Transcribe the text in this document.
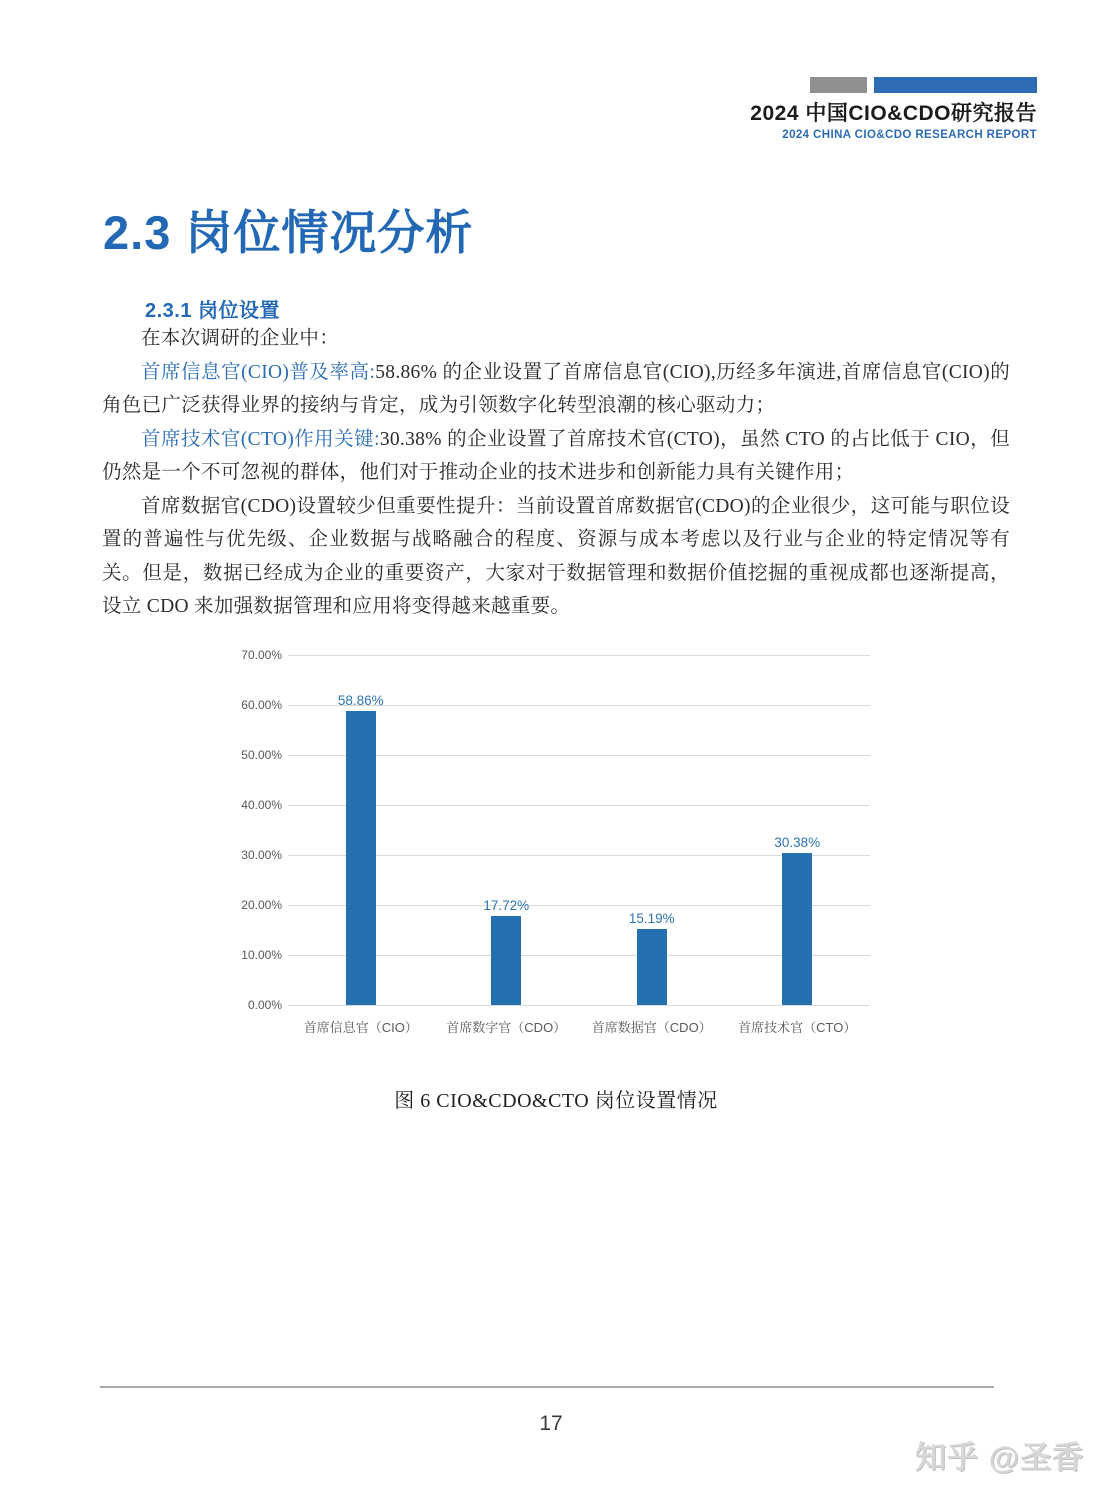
2024 中国CIO&CDO研究报告
2024 CHINA CIO&CDO RESEARCH REPORT
2.3 岗位情况分析
2.3.1 岗位设置

在本次调研的企业中：

首席信息官(CIO)普及率高:58.86% 的企业设置了首席信息官(CIO),历经多年演进,首席信息官(CIO)的角色已广泛获得业界的接纳与肯定，成为引领数字化转型浪潮的核心驱动力；

首席技术官(CTO)作用关键:30.38% 的企业设置了首席技术官(CTO)，虽然 CTO 的占比低于 CIO，但仍然是一个不可忽视的群体，他们对于推动企业的技术进步和创新能力具有关键作用；

首席数据官(CDO)设置较少但重要性提升：当前设置首席数据官(CDO)的企业很少，这可能与职位设置的普遍性与优先级、企业数据与战略融合的程度、资源与成本考虑以及行业与企业的特定情况等有关。但是，数据已经成为企业的重要资产，大家对于数据管理和数据价值挖掘的重视成都也逐渐提高，设立 CDO 来加强数据管理和应用将变得越来越重要。

70.00%
60.00%
50.00%
40.00%
30.00%
20.00%
10.00%
0.00%
58.86%
17.72%
15.19%
30.38%
首席信息官（CIO）	首席数字官（CDO）	首席数据官（CDO）	首席技术官（CTO）
图 6 CIO&CDO&CTO 岗位设置情况
17
知乎 @圣香
